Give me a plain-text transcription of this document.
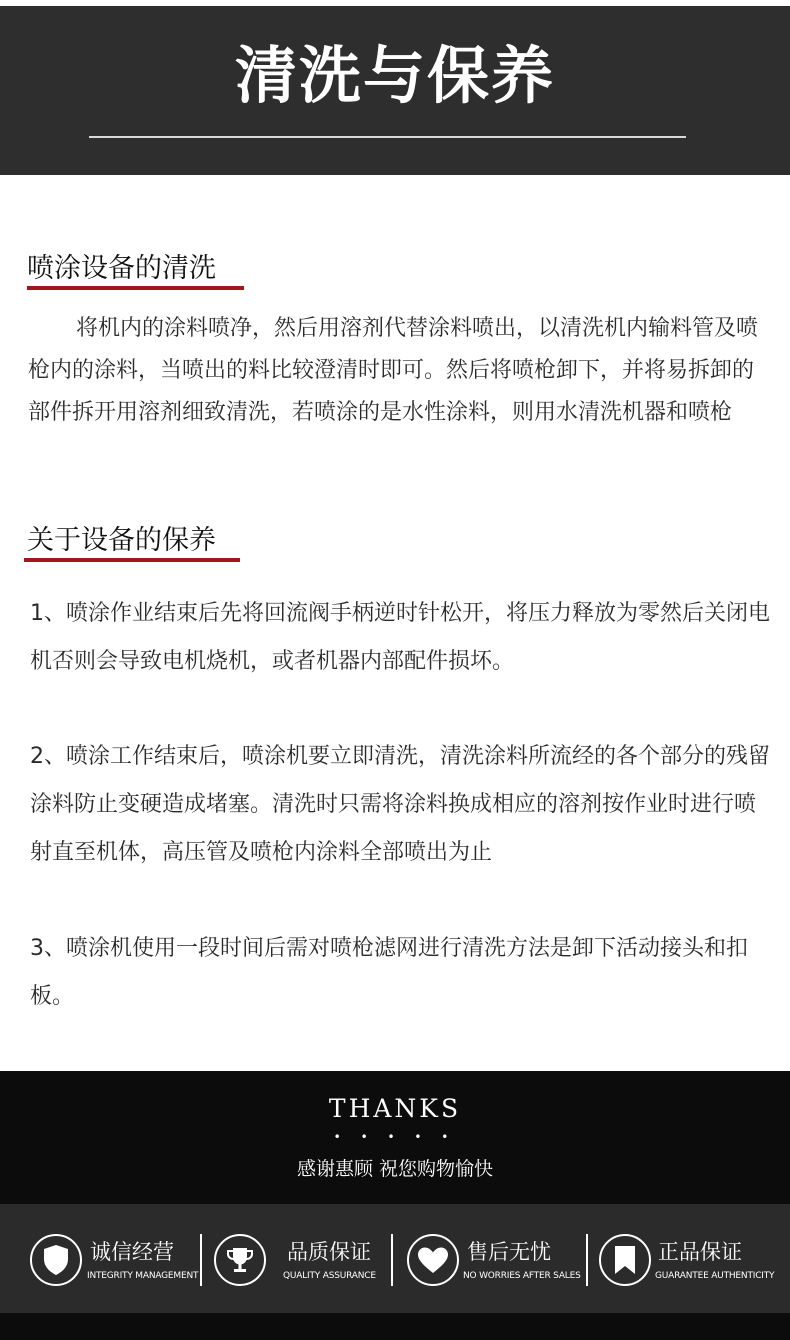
清洗与保养
喷涂设备的清洗

将机内的涂料喷净，然后用溶剂代替涂料喷出，以清洗机内输料管及喷枪内的涂料，当喷出的料比较澄清时即可。然后将喷枪卸下，并将易拆卸的部件拆开用溶剂细致清洗，若喷涂的是水性涂料，则用水清洗机器和喷枪

关于设备的保养

1、喷涂作业结束后先将回流阀手柄逆时针松开，将压力释放为零然后关闭电机否则会导致电机烧机，或者机器内部配件损坏。

2、喷涂工作结束后，喷涂机要立即清洗，清洗涂料所流经的各个部分的残留涂料防止变硬造成堵塞。清洗时只需将涂料换成相应的溶剂按作业时进行喷射直至机体，高压管及喷枪内涂料全部喷出为止

3、喷涂机使用一段时间后需对喷枪滤网进行清洗方法是卸下活动接头和扣板。

THANKS
• • • • •
感谢惠顾 祝您购物愉快
诚信经营
INTEGRITY MANAGEMENT
品质保证
QUALITY ASSURANCE
售后无忧
NO WORRIES AFTER SALES
正品保证
GUARANTEE AUTHENTICITY
